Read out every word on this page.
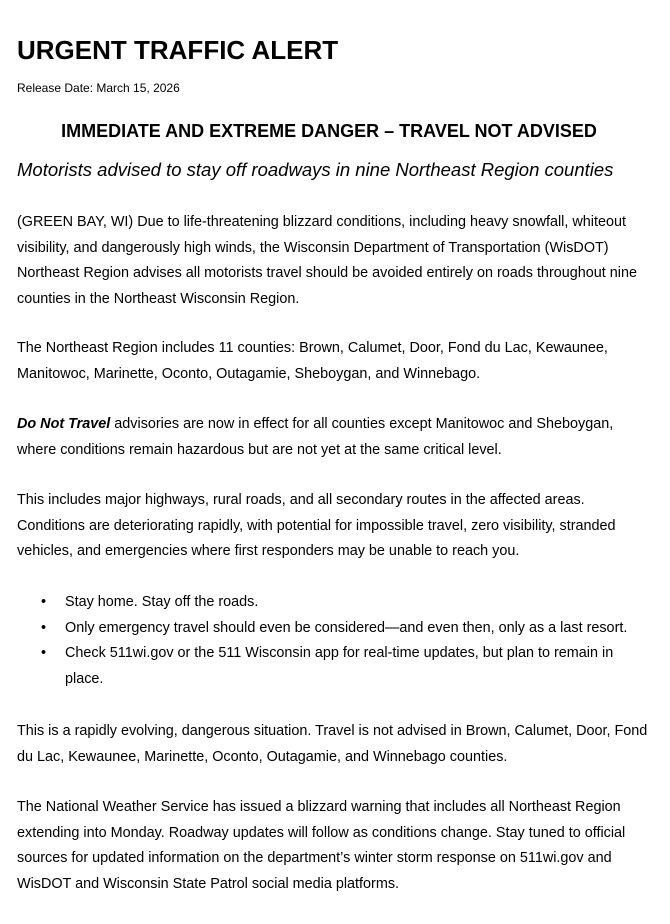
URGENT TRAFFIC ALERT

Release Date: March 15, 2026

IMMEDIATE AND EXTREME DANGER – TRAVEL NOT ADVISED

Motorists advised to stay off roadways in nine Northeast Region counties

(GREEN BAY, WI) Due to life-threatening blizzard conditions, including heavy snowfall, whiteout visibility, and dangerously high winds, the Wisconsin Department of Transportation (WisDOT) Northeast Region advises all motorists travel should be avoided entirely on roads throughout nine counties in the Northeast Wisconsin Region.

The Northeast Region includes 11 counties: Brown, Calumet, Door, Fond du Lac, Kewaunee, Manitowoc, Marinette, Oconto, Outagamie, Sheboygan, and Winnebago.

Do Not Travel advisories are now in effect for all counties except Manitowoc and Sheboygan, where conditions remain hazardous but are not yet at the same critical level.

This includes major highways, rural roads, and all secondary routes in the affected areas. Conditions are deteriorating rapidly, with potential for impossible travel, zero visibility, stranded vehicles, and emergencies where first responders may be unable to reach you.

• Stay home. Stay off the roads.
• Only emergency travel should even be considered—and even then, only as a last resort.
• Check 511wi.gov or the 511 Wisconsin app for real-time updates, but plan to remain in place.

This is a rapidly evolving, dangerous situation. Travel is not advised in Brown, Calumet, Door, Fond du Lac, Kewaunee, Marinette, Oconto, Outagamie, and Winnebago counties.

The National Weather Service has issued a blizzard warning that includes all Northeast Region extending into Monday. Roadway updates will follow as conditions change. Stay tuned to official sources for updated information on the department’s winter storm response on 511wi.gov and WisDOT and Wisconsin State Patrol social media platforms.
